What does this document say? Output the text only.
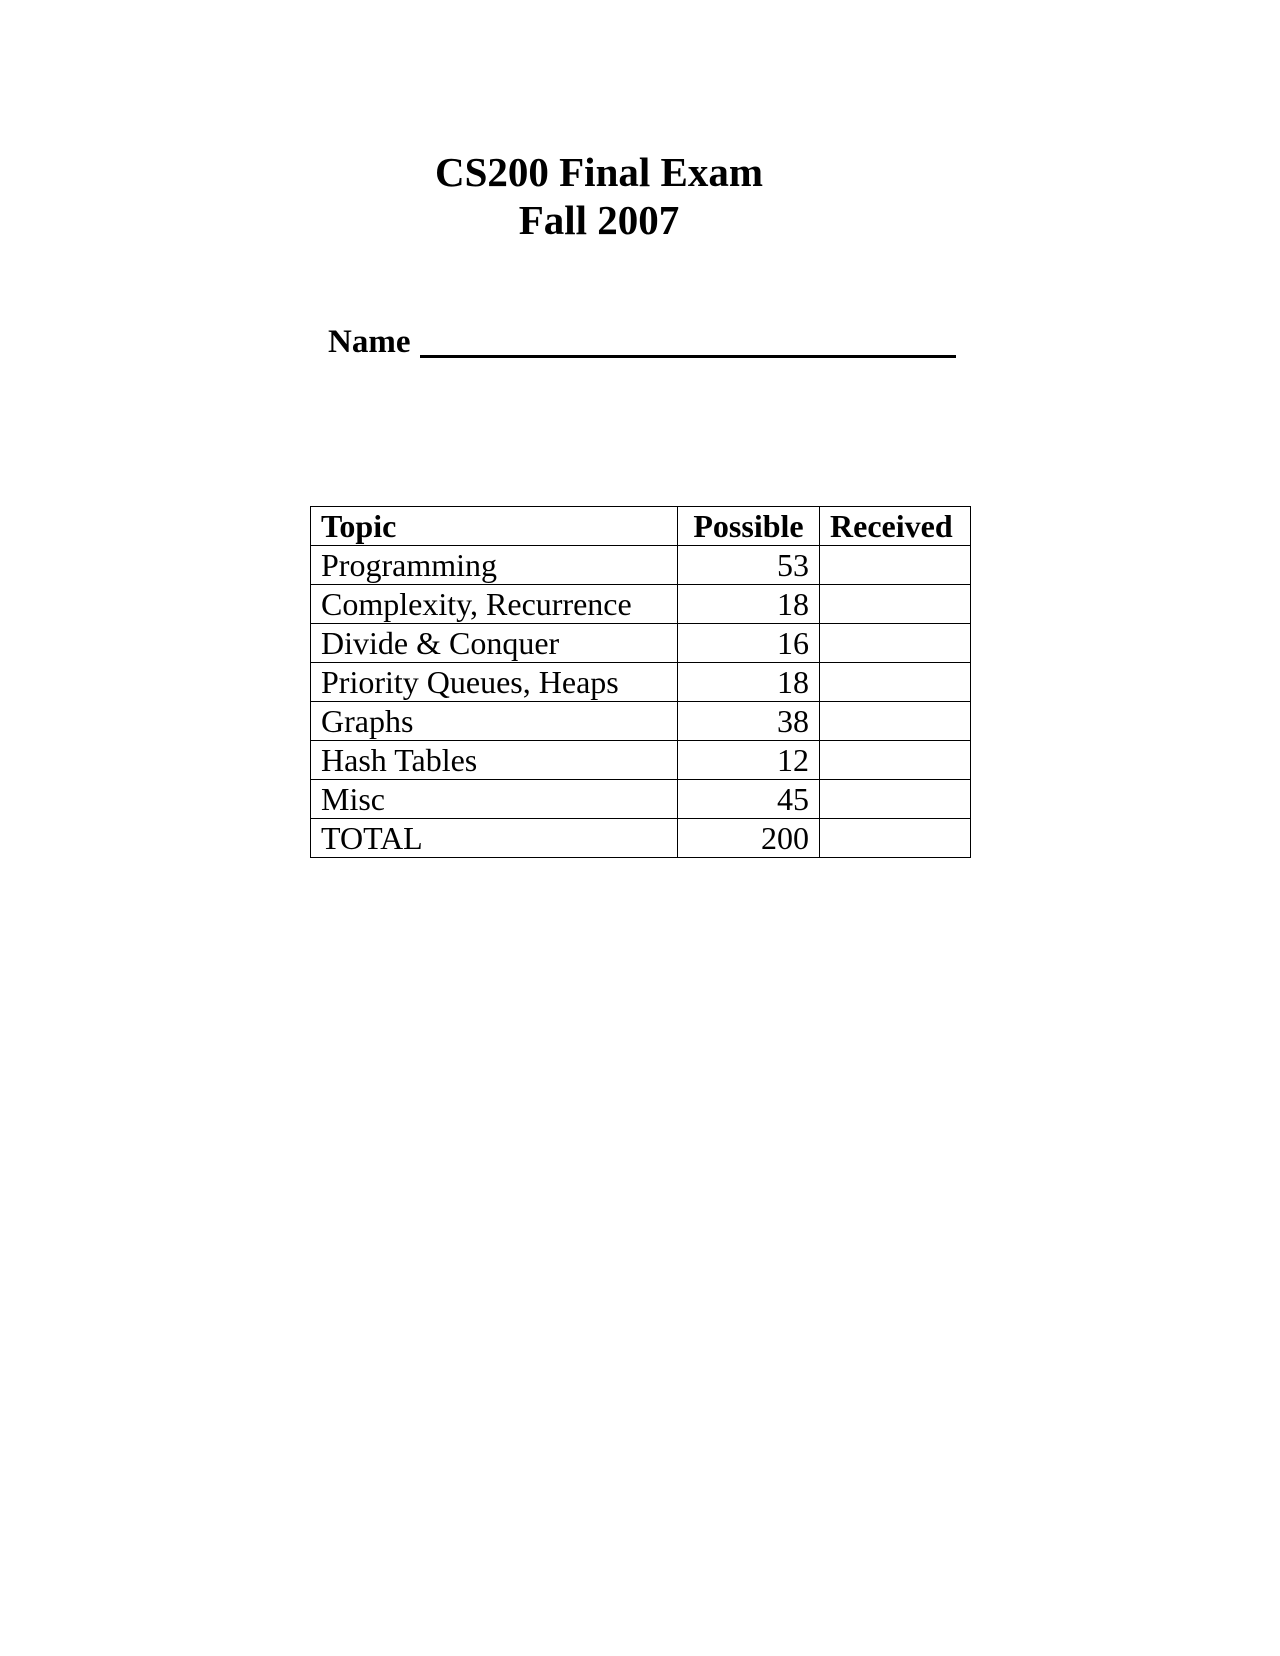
CS200 Final Exam
Fall 2007
Name
Topic	Possible	Received
Programming	53	
Complexity, Recurrence	18	
Divide & Conquer	16	
Priority Queues, Heaps	18	
Graphs	38	
Hash Tables	12	
Misc	45	
TOTAL	200	
